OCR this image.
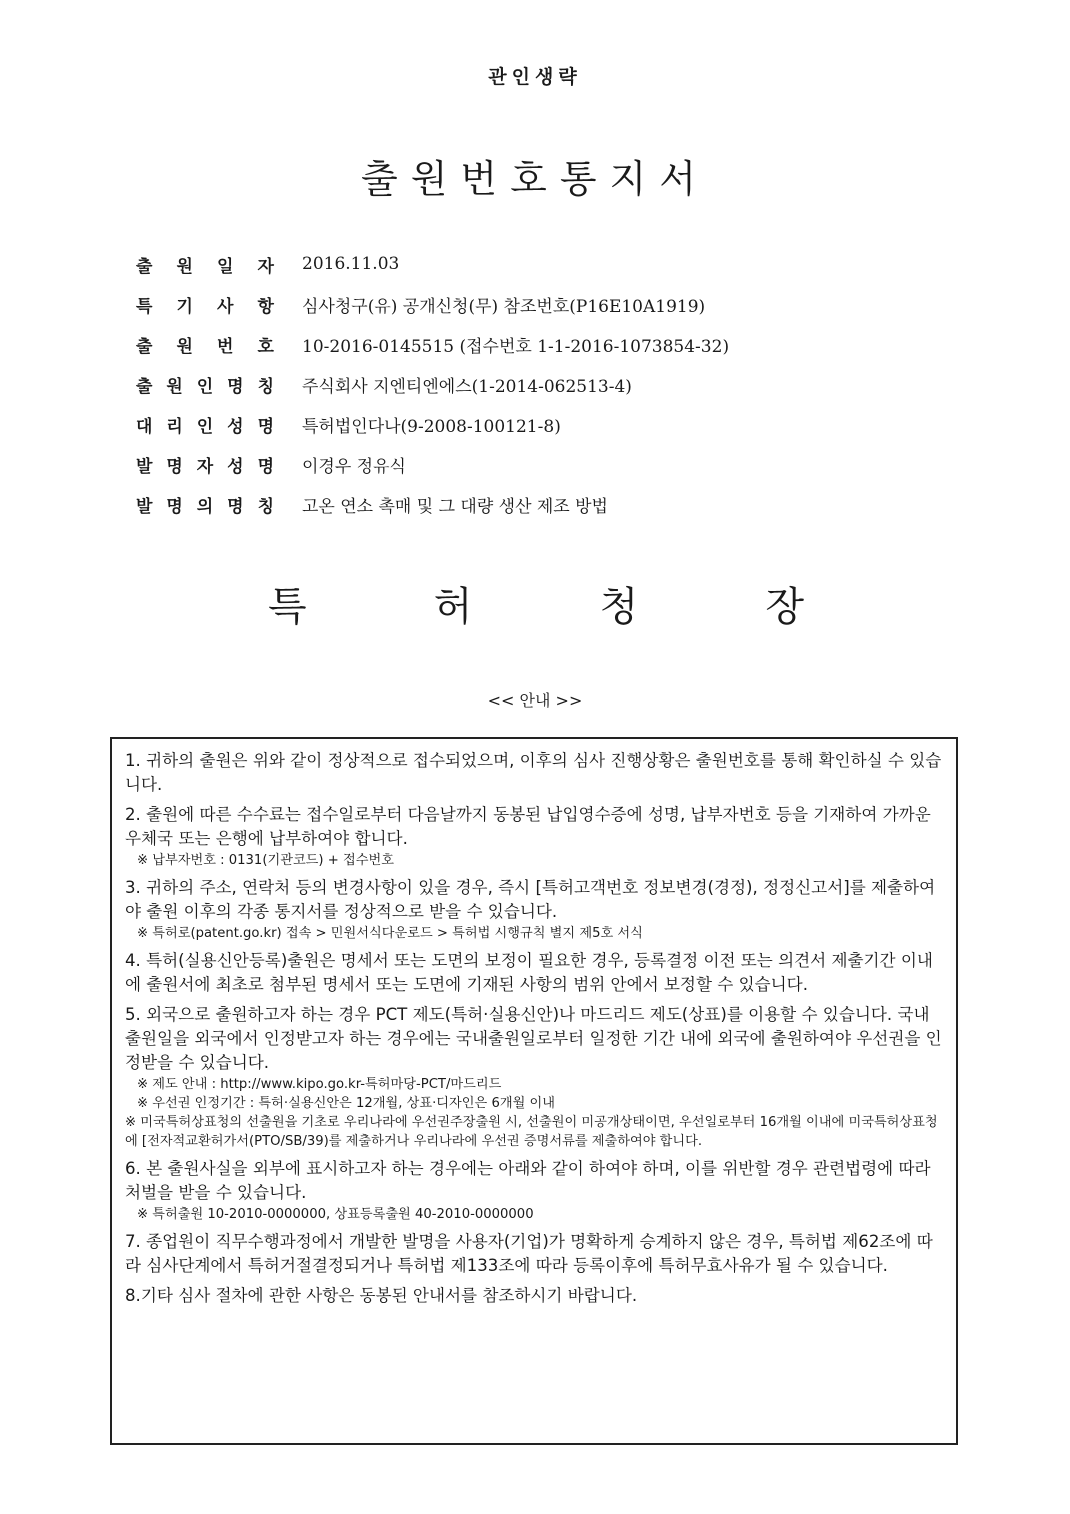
관인생략
출원번호통지서
출 원 일 자 2016.11.03
특 기 사 항 심사청구(유) 공개신청(무) 참조번호(P16E10A1919)
출 원 번 호 10-2016-0145515 (접수번호 1-1-2016-1073854-32)
출 원 인 명 칭 주식회사 지엔티엔에스(1-2014-062513-4)
대 리 인 성 명 특허법인다나(9-2008-100121-8)
발 명 자 성 명 이경우 정유식
발 명 의 명 칭 고온 연소 촉매 및 그 대량 생산 제조 방법
특	허	청	장
<< 안내 >>
1. 귀하의 출원은 위와 같이 정상적으로 접수되었으며, 이후의 심사 진행상황은 출원번호를 통해 확인하실 수 있습니다.
2. 출원에 따른 수수료는 접수일로부터 다음날까지 동봉된 납입영수증에 성명, 납부자번호 등을 기재하여 가까운 우체국 또는 은행에 납부하여야 합니다.
※ 납부자번호 : 0131(기관코드) + 접수번호
3. 귀하의 주소, 연락처 등의 변경사항이 있을 경우, 즉시 [특허고객번호 정보변경(경정), 정정신고서]를 제출하여야 출원 이후의 각종 통지서를 정상적으로 받을 수 있습니다.
※ 특허로(patent.go.kr) 접속 > 민원서식다운로드 > 특허법 시행규칙 별지 제5호 서식
4. 특허(실용신안등록)출원은 명세서 또는 도면의 보정이 필요한 경우, 등록결정 이전 또는 의견서 제출기간 이내에 출원서에 최초로 첨부된 명세서 또는 도면에 기재된 사항의 범위 안에서 보정할 수 있습니다.
5. 외국으로 출원하고자 하는 경우 PCT 제도(특허·실용신안)나 마드리드 제도(상표)를 이용할 수 있습니다. 국내출원일을 외국에서 인정받고자 하는 경우에는 국내출원일로부터 일정한 기간 내에 외국에 출원하여야 우선권을 인정받을 수 있습니다.
※ 제도 안내 : http://www.kipo.go.kr-특허마당-PCT/마드리드
※ 우선권 인정기간 : 특허·실용신안은 12개월, 상표·디자인은 6개월 이내
※ 미국특허상표청의 선출원을 기초로 우리나라에 우선권주장출원 시, 선출원이 미공개상태이면, 우선일로부터 16개월 이내에 미국특허상표청에 [전자적교환허가서(PTO/SB/39)를 제출하거나 우리나라에 우선권 증명서류를 제출하여야 합니다.
6. 본 출원사실을 외부에 표시하고자 하는 경우에는 아래와 같이 하여야 하며, 이를 위반할 경우 관련법령에 따라 처벌을 받을 수 있습니다.
※ 특허출원 10-2010-0000000, 상표등록출원 40-2010-0000000
7. 종업원이 직무수행과정에서 개발한 발명을 사용자(기업)가 명확하게 승계하지 않은 경우, 특허법 제62조에 따라 심사단계에서 특허거절결정되거나 특허법 제133조에 따라 등록이후에 특허무효사유가 될 수 있습니다.
8.기타 심사 절차에 관한 사항은 동봉된 안내서를 참조하시기 바랍니다.
